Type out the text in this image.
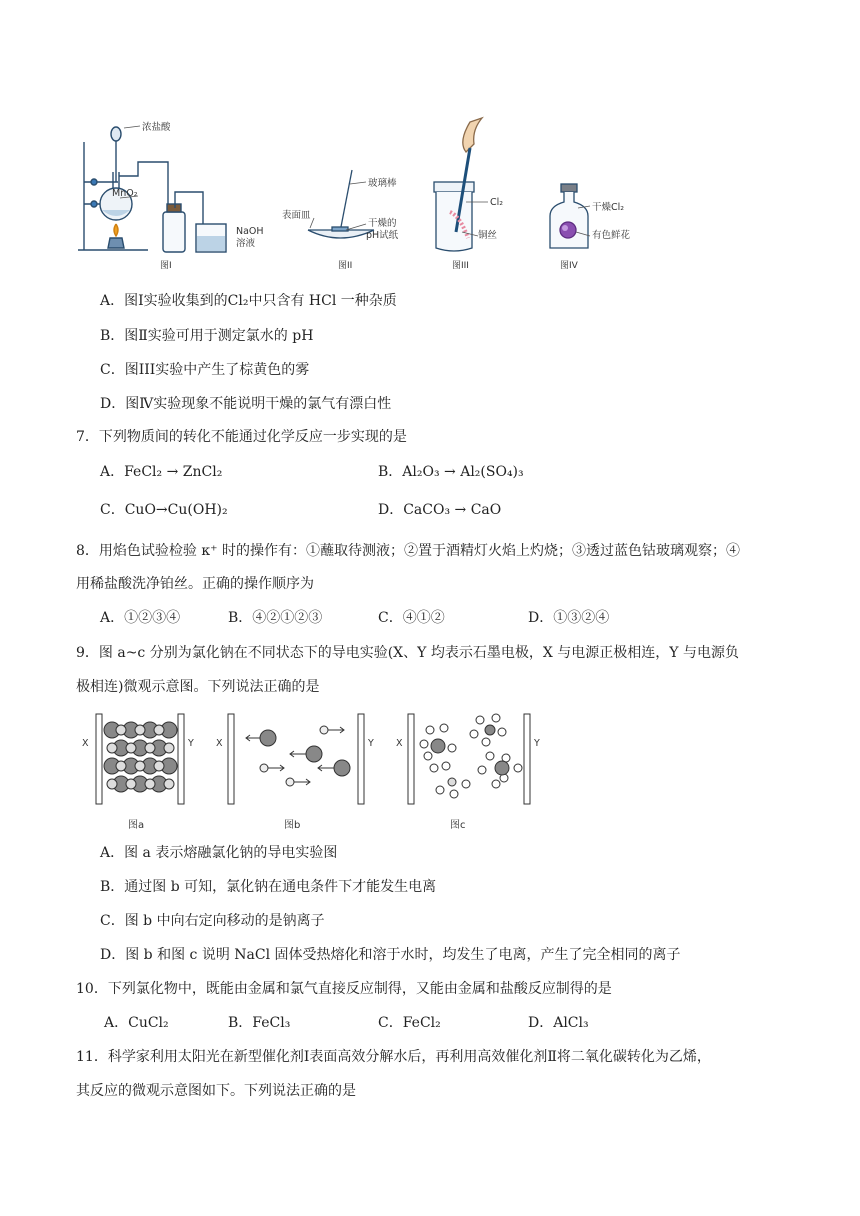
浓盐酸
MnO₂
NaOH
溶液
玻璃棒
表面皿
干燥的
pH试纸
Cl₂
铜丝
干燥Cl₂
有色鲜花
图I	图II	图III	图IV
A．图Ⅰ实验收集到的Cl₂中只含有 HCl 一种杂质
B．图Ⅱ实验可用于测定氯水的 pH
C．图III实验中产生了棕黄色的雾
D．图Ⅳ实验现象不能说明干燥的氯气有漂白性
7．下列物质间的转化不能通过化学反应一步实现的是
A．FeCl₂ → ZnCl₂	B．Al₂O₃ → Al₂(SO₄)₃
C．CuO→Cu(OH)₂	D．CaCO₃ → CaO
8．用焰色试验检验 ᴋ⁺ 时的操作有：①蘸取待测液；②置于酒精灯火焰上灼烧；③透过蓝色钴玻璃观察；④
用稀盐酸洗净铂丝。正确的操作顺序为
A．①②③④	B．④②①②③	C．④①②	D．①③②④
9．图 a~c 分别为氯化钠在不同状态下的导电实验(X、Y 均表示石墨电极，X 与电源正极相连，Y 与电源负
极相连)微观示意图。下列说法正确的是
X	Y X	Y X	Y
图a	图b	图c
A．图 a 表示熔融氯化钠的导电实验图
B．通过图 b 可知，氯化钠在通电条件下才能发生电离
C．图 b 中向右定向移动的是钠离子
D．图 b 和图 c 说明 NaCl 固体受热熔化和溶于水时，均发生了电离，产生了完全相同的离子
10．下列氯化物中，既能由金属和氯气直接反应制得，又能由金属和盐酸反应制得的是
A．CuCl₂	B．FeCl₃	C．FeCl₂	D．AlCl₃
11．科学家利用太阳光在新型催化剂Ⅰ表面高效分解水后，再利用高效催化剂Ⅱ将二氧化碳转化为乙烯，
其反应的微观示意图如下。下列说法正确的是
